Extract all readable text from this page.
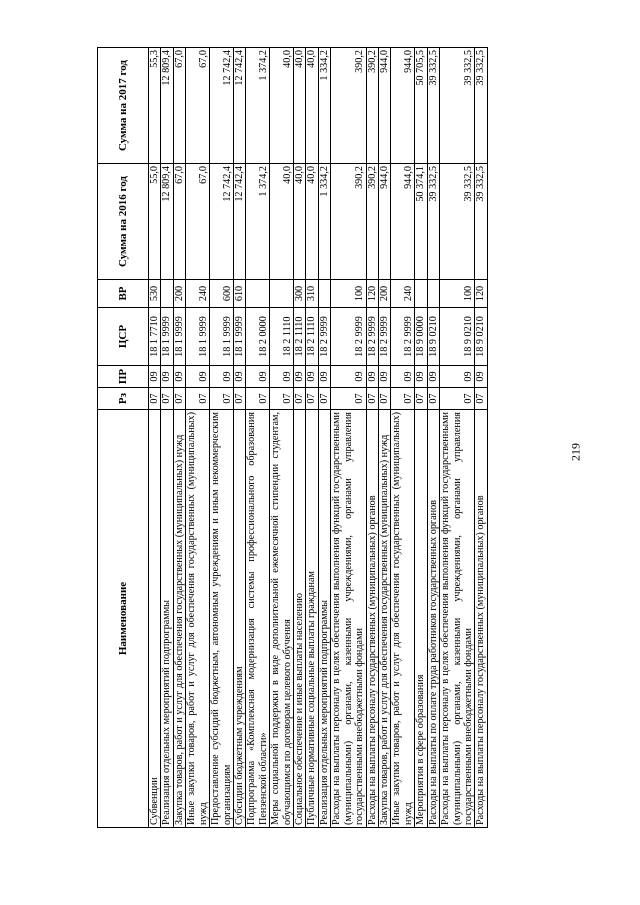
219
Наименование	Рз	ПР	ЦСР	ВР	Сумма на 2016 год	Сумма на 2017 год
Субвенции	07	09	18 1 7710	530	55,0	55,3
Реализация отдельных мероприятий подпрограммы	07	09	18 1 9999		12 809,4	12 809,4
Закупка товаров, работ и услуг для обеспечения государственных (муниципальных) нужд	07	09	18 1 9999	200	67,0	67,0
Иные закупки товаров, работ и услуг для обеспечения государственных (муниципальных) нужд	07	09	18 1 9999	240	67,0	67,0
Предоставление субсидий бюджетным, автономным учреждениям и иным некоммерческим организациям	07	09	18 1 9999	600	12 742,4	12 742,4
Субсидии бюджетным учреждениям	07	09	18 1 9999	610	12 742,4	12 742,4
Подпрограмма «Комплексная модернизация системы профессионального образования Пензенской области»	07	09	18 2 0000		1 374,2	1 374,2
Меры социальной поддержки в виде дополнительной ежемесячной стипендии студентам, обучающимся по договорам целевого обучения	07	09	18 2 1110		40,0	40,0
Социальное обеспечение и иные выплаты населению	07	09	18 2 1110	300	40,0	40,0
Публичные нормативные социальные выплаты гражданам	07	09	18 2 1110	310	40,0	40,0
Реализация отдельных мероприятий подпрограммы	07	09	18 2 9999		1 334,2	1 334,2
Расходы на выплаты персоналу в целях обеспечения выполнения функций государственными (муниципальными) органами, казенными учреждениями, органами управления государственными внебюджетными фондами	07	09	18 2 9999	100	390,2	390,2
Расходы на выплаты персоналу государственных (муниципальных) органов	07	09	18 2 9999	120	390,2	390,2
Закупка товаров, работ и услуг для обеспечения государственных (муниципальных) нужд	07	09	18 2 9999	200	944,0	944,0
Иные закупки товаров, работ и услуг для обеспечения государственных (муниципальных) нужд	07	09	18 2 9999	240	944,0	944,0
Мероприятия в сфере образования	07	09	18 9 0000		50 374,1	50 705,5
Расходы на выплаты по оплате труда работников государственных органов	07	09	18 9 0210		39 332,5	39 332,5
Расходы на выплаты персоналу в целях обеспечения выполнения функций государственными (муниципальными) органами, казенными учреждениями, органами управления государственными внебюджетными фондами	07	09	18 9 0210	100	39 332,5	39 332,5
Расходы на выплаты персоналу государственных (муниципальных) органов	07	09	18 9 0210	120	39 332,5	39 332,5
